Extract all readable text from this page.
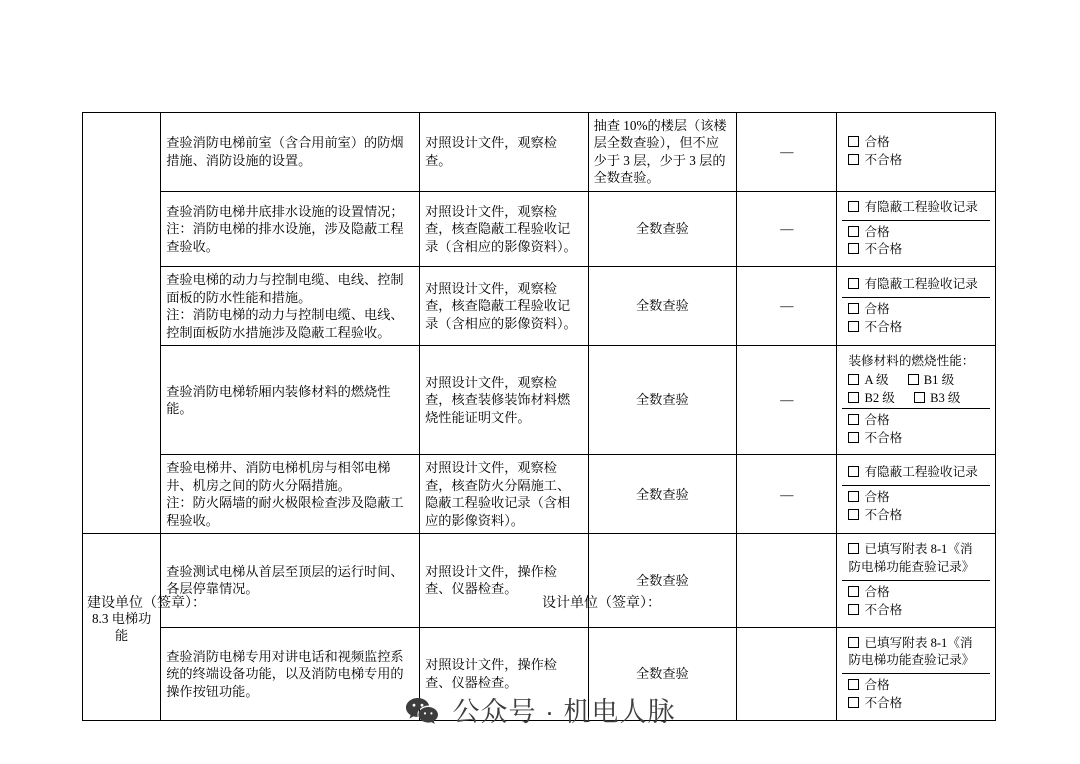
	查验消防电梯前室（含合用前室）的防烟措施、消防设施的设置。	对照设计文件，观察检查。	抽查 10%的楼层（该楼层全数查验），但不应少于 3 层，少于 3 层的全数查验。	—	
合格
不合格

查验消防电梯井底排水设施的设置情况；
注：消防电梯的排水设施，涉及隐蔽工程查验收。
	对照设计文件，观察检查，核查隐蔽工程验收记录（含相应的影像资料）。	全数查验	—	
有隐蔽工程验收记录

合格
不合格

查验电梯的动力与控制电缆、电线、控制面板的防水性能和措施。
注：消防电梯的动力与控制电缆、电线、控制面板防水措施涉及隐蔽工程验收。
	对照设计文件，观察检查，核查隐蔽工程验收记录（含相应的影像资料）。	全数查验	—	
有隐蔽工程验收记录

合格
不合格

查验消防电梯轿厢内装修材料的燃烧性能。	对照设计文件，观察检查，核查装修装饰材料燃烧性能证明文件。	全数查验	—	
装修材料的燃烧性能：
A 级	B1 级
B2 级	B3 级

合格
不合格

查验电梯井、消防电梯机房与相邻电梯井、机房之间的防火分隔措施。
注：防火隔墙的耐火极限检查涉及隐蔽工程验收。
	对照设计文件，观察检查，核查防火分隔施工、隐蔽工程验收记录（含相应的影像资料）。	全数查验	—	
有隐蔽工程验收记录

合格
不合格

8.3 电梯功能	查验测试电梯从首层至顶层的运行时间、各层停靠情况。	对照设计文件，操作检查、仪器检查。	全数查验		
已填写附表 8-1《消防电梯功能查验记录》

合格
不合格

查验消防电梯专用对讲电话和视频监控系统的终端设备功能，以及消防电梯专用的操作按钮功能。	对照设计文件，操作检查、仪器检查。	全数查验		
已填写附表 8-1《消防电梯功能查验记录》

合格
不合格
建设单位（签章）：	设计单位（签章）：
公众号 · 机电人脉
